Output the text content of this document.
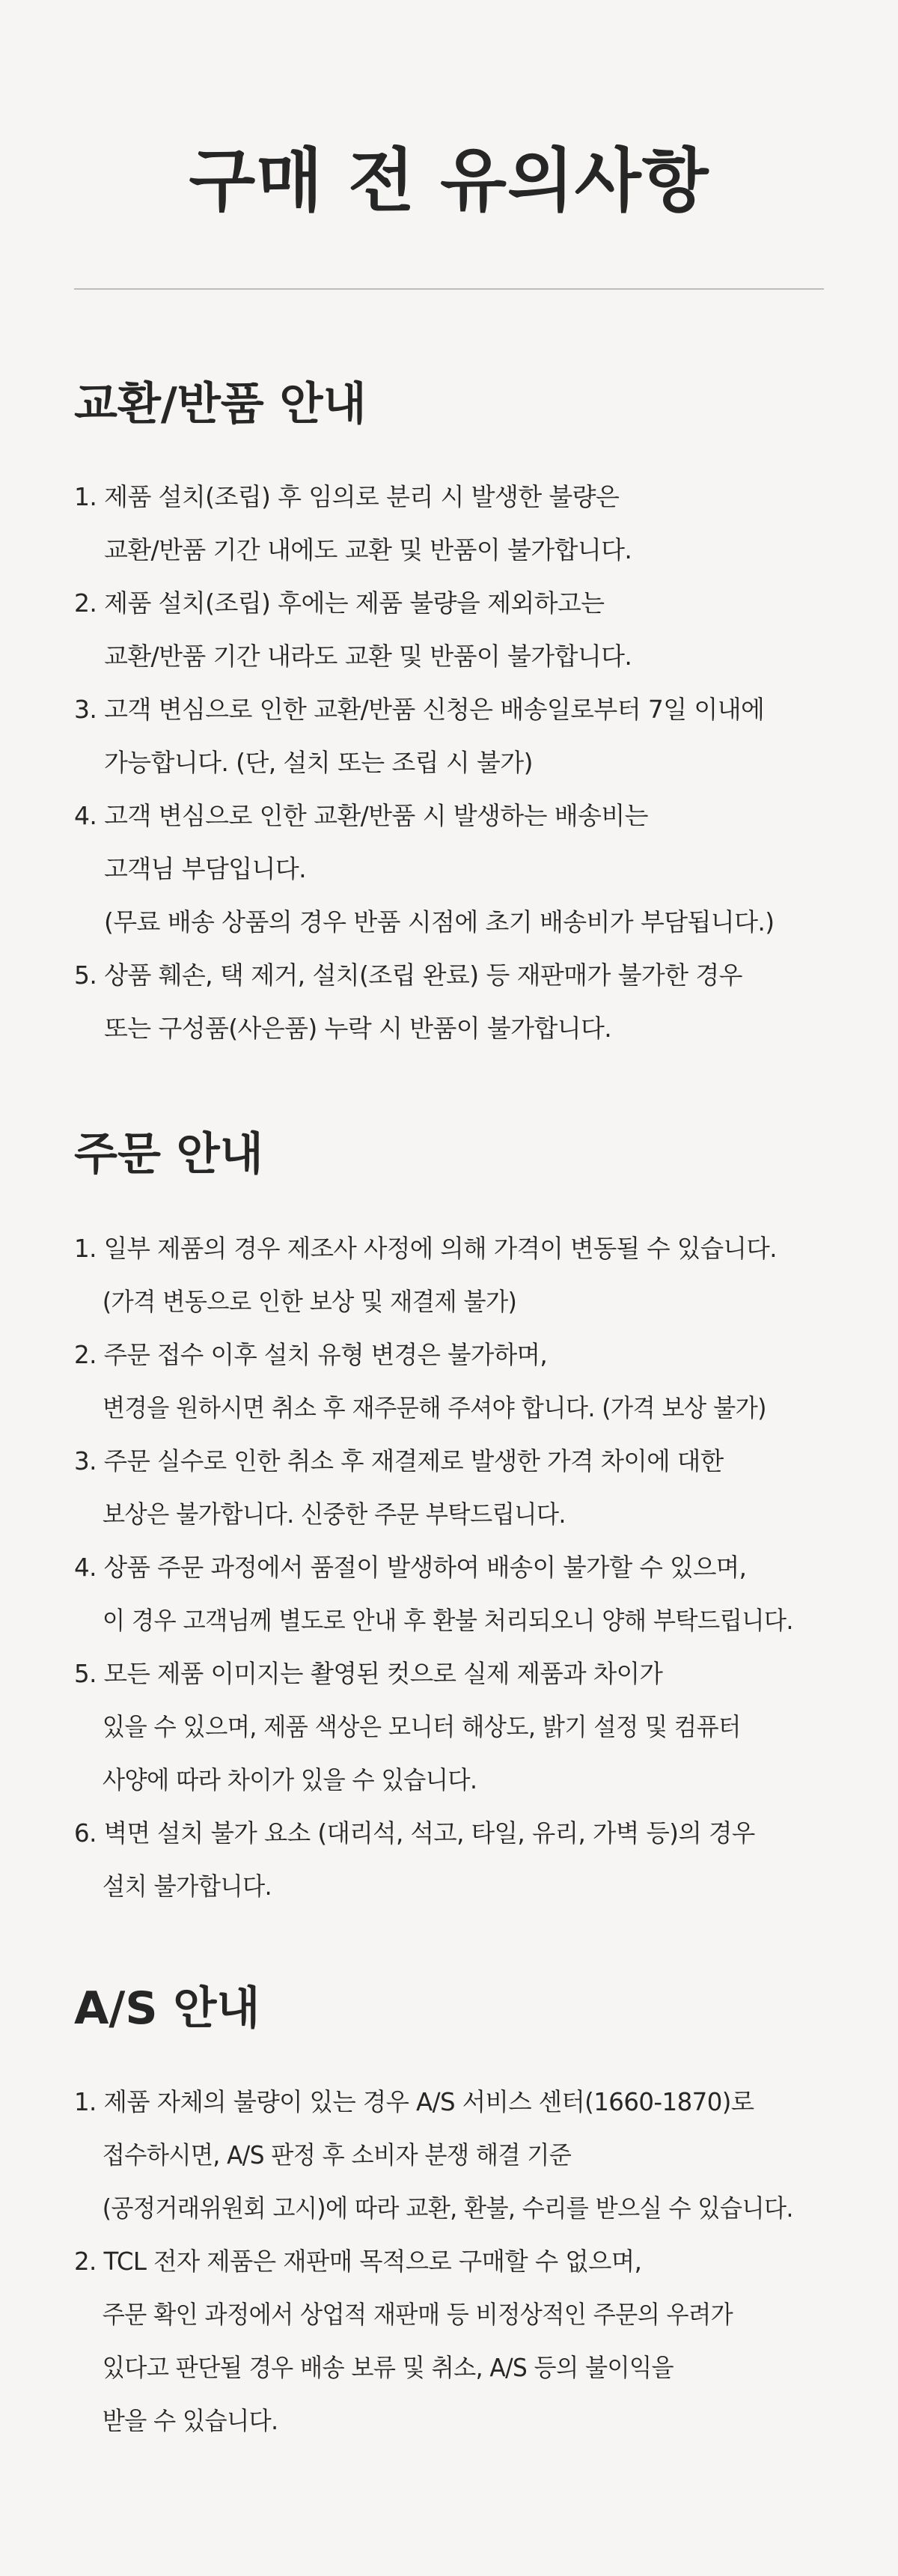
구매 전 유의사항
교환/반품 안내
1. 제품 설치(조립) 후 임의로 분리 시 발생한 불량은
교환/반품 기간 내에도 교환 및 반품이 불가합니다.
2. 제품 설치(조립) 후에는 제품 불량을 제외하고는
교환/반품 기간 내라도 교환 및 반품이 불가합니다.
3. 고객 변심으로 인한 교환/반품 신청은 배송일로부터 7일 이내에
가능합니다. (단, 설치 또는 조립 시 불가)
4. 고객 변심으로 인한 교환/반품 시 발생하는 배송비는
고객님 부담입니다.
(무료 배송 상품의 경우 반품 시점에 초기 배송비가 부담됩니다.)
5. 상품 훼손, 택 제거, 설치(조립 완료) 등 재판매가 불가한 경우
또는 구성품(사은품) 누락 시 반품이 불가합니다.
주문 안내
1. 일부 제품의 경우 제조사 사정에 의해 가격이 변동될 수 있습니다.
(가격 변동으로 인한 보상 및 재결제 불가)
2. 주문 접수 이후 설치 유형 변경은 불가하며,
변경을 원하시면 취소 후 재주문해 주셔야 합니다. (가격 보상 불가)
3. 주문 실수로 인한 취소 후 재결제로 발생한 가격 차이에 대한
보상은 불가합니다. 신중한 주문 부탁드립니다.
4. 상품 주문 과정에서 품절이 발생하여 배송이 불가할 수 있으며,
이 경우 고객님께 별도로 안내 후 환불 처리되오니 양해 부탁드립니다.
5. 모든 제품 이미지는 촬영된 컷으로 실제 제품과 차이가
있을 수 있으며, 제품 색상은 모니터 해상도, 밝기 설정 및 컴퓨터
사양에 따라 차이가 있을 수 있습니다.
6. 벽면 설치 불가 요소 (대리석, 석고, 타일, 유리, 가벽 등)의 경우
설치 불가합니다.
A/S 안내
1. 제품 자체의 불량이 있는 경우 A/S 서비스 센터(1660-1870)로
접수하시면, A/S 판정 후 소비자 분쟁 해결 기준
(공정거래위원회 고시)에 따라 교환, 환불, 수리를 받으실 수 있습니다.
2. TCL 전자 제품은 재판매 목적으로 구매할 수 없으며,
주문 확인 과정에서 상업적 재판매 등 비정상적인 주문의 우려가
있다고 판단될 경우 배송 보류 및 취소, A/S 등의 불이익을
받을 수 있습니다.
